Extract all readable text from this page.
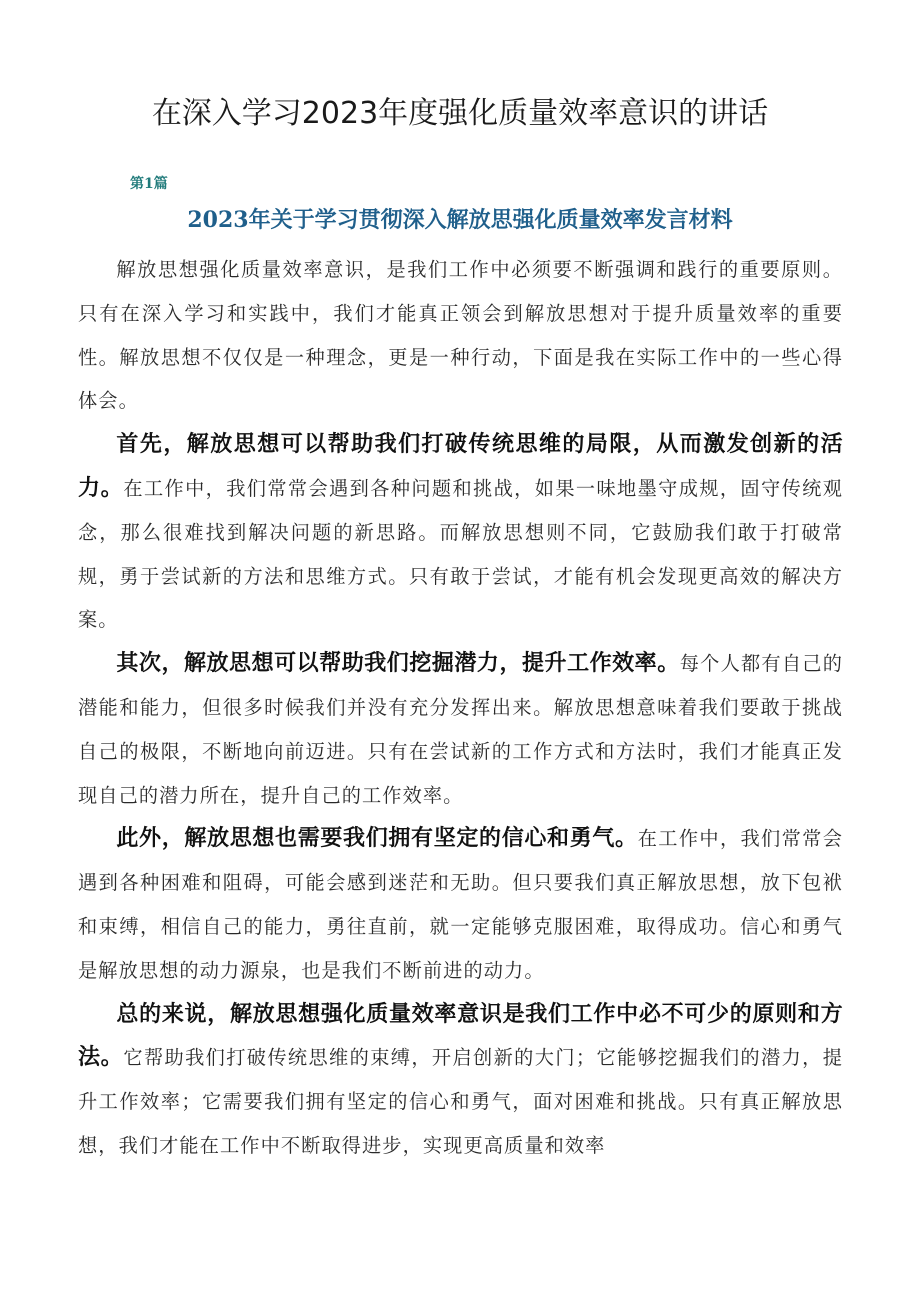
在深入学习2023年度强化质量效率意识的讲话
第1篇
2023年关于学习贯彻深入解放思强化质量效率发言材料

解放思想强化质量效率意识，是我们工作中必须要不断强调和践行的重要原则。只有在深入学习和实践中，我们才能真正领会到解放思想对于提升质量效率的重要性。解放思想不仅仅是一种理念，更是一种行动，下面是我在实际工作中的一些心得体会。

首先，解放思想可以帮助我们打破传统思维的局限，从而激发创新的活力。在工作中，我们常常会遇到各种问题和挑战，如果一味地墨守成规，固守传统观念，那么很难找到解决问题的新思路。而解放思想则不同，它鼓励我们敢于打破常规，勇于尝试新的方法和思维方式。只有敢于尝试，才能有机会发现更高效的解决方案。

其次，解放思想可以帮助我们挖掘潜力，提升工作效率。每个人都有自己的潜能和能力，但很多时候我们并没有充分发挥出来。解放思想意味着我们要敢于挑战自己的极限，不断地向前迈进。只有在尝试新的工作方式和方法时，我们才能真正发现自己的潜力所在，提升自己的工作效率。

此外，解放思想也需要我们拥有坚定的信心和勇气。在工作中，我们常常会遇到各种困难和阻碍，可能会感到迷茫和无助。但只要我们真正解放思想，放下包袱和束缚，相信自己的能力，勇往直前，就一定能够克服困难，取得成功。信心和勇气是解放思想的动力源泉，也是我们不断前进的动力。

总的来说，解放思想强化质量效率意识是我们工作中必不可少的原则和方法。它帮助我们打破传统思维的束缚，开启创新的大门；它能够挖掘我们的潜力，提升工作效率；它需要我们拥有坚定的信心和勇气，面对困难和挑战。只有真正解放思想，我们才能在工作中不断取得进步，实现更高质量和效率
